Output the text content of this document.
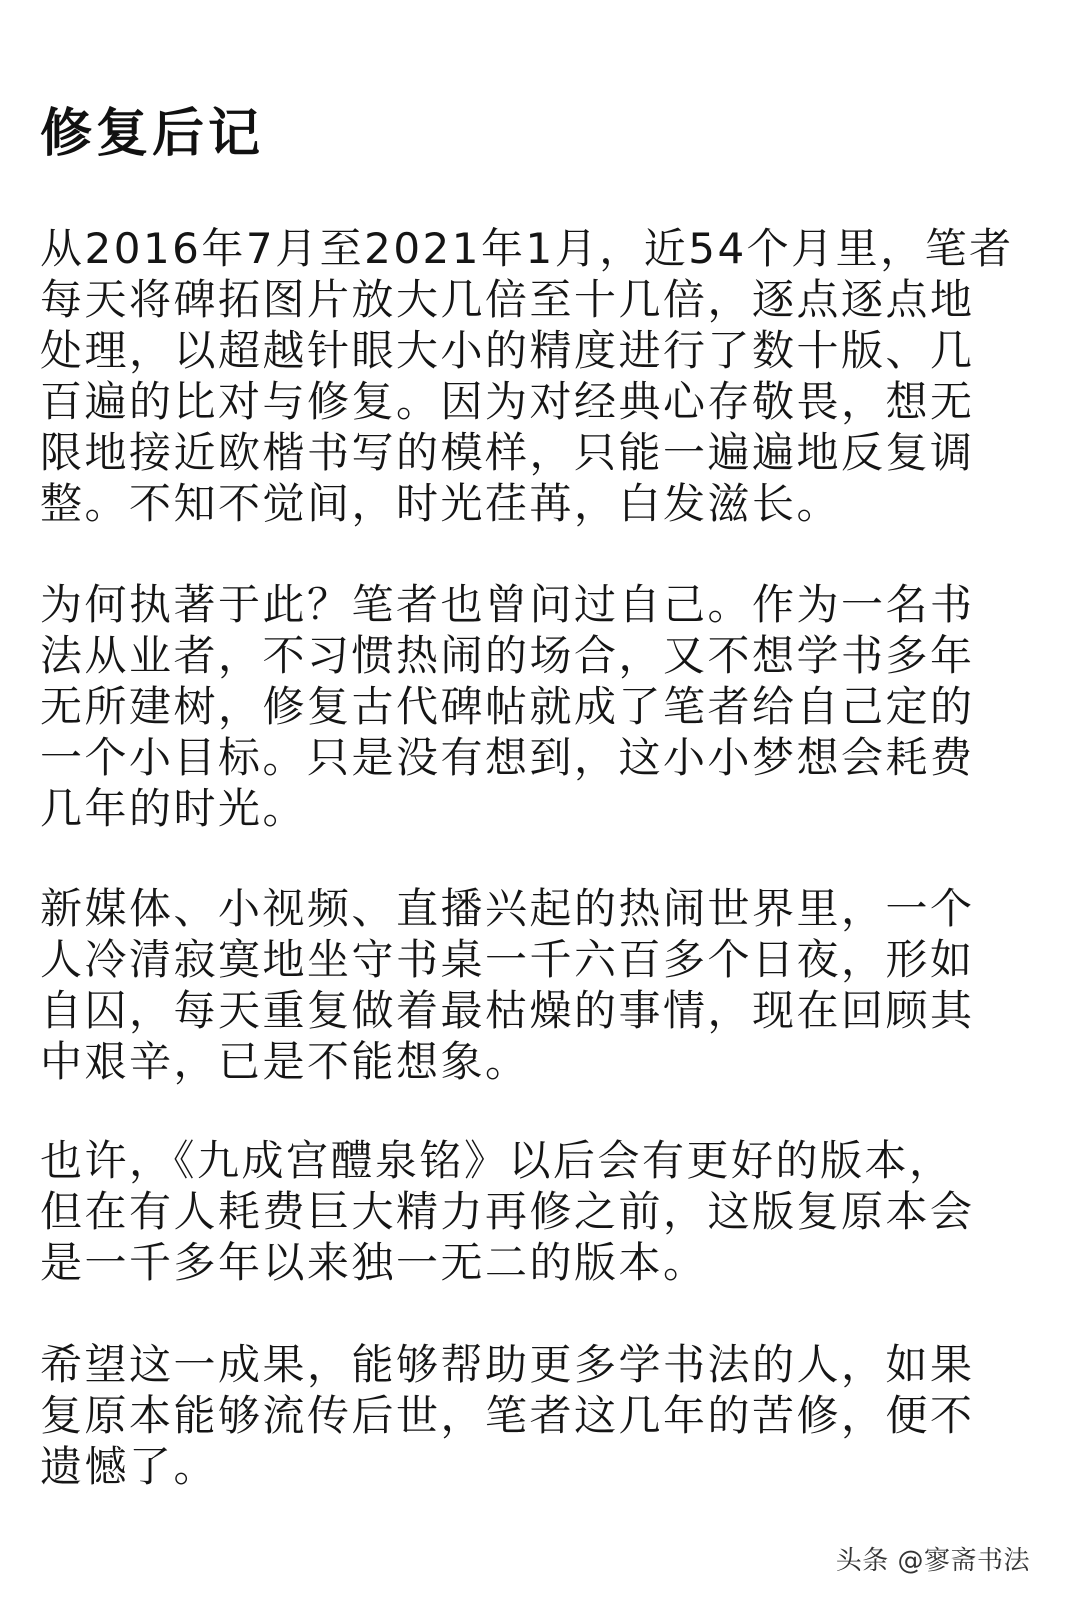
修复后记
从2016年7月至2021年1月，近54个月里，笔者
每天将碑拓图片放大几倍至十几倍，逐点逐点地
处理，以超越针眼大小的精度进行了数十版、几
百遍的比对与修复。因为对经典心存敬畏，想无
限地接近欧楷书写的模样，只能一遍遍地反复调
整。不知不觉间，时光荏苒，白发滋长。
为何执著于此？笔者也曾问过自己。作为一名书
法从业者，不习惯热闹的场合，又不想学书多年
无所建树，修复古代碑帖就成了笔者给自己定的
一个小目标。只是没有想到，这小小梦想会耗费
几年的时光。
新媒体、小视频、直播兴起的热闹世界里，一个
人冷清寂寞地坐守书桌一千六百多个日夜，形如
自囚，每天重复做着最枯燥的事情，现在回顾其
中艰辛，已是不能想象。
也许，《九成宫醴泉铭》以后会有更好的版本，
但在有人耗费巨大精力再修之前，这版复原本会
是一千多年以来独一无二的版本。
希望这一成果，能够帮助更多学书法的人，如果
复原本能够流传后世，笔者这几年的苦修，便不
遗憾了。
头条 @寥斋书法
